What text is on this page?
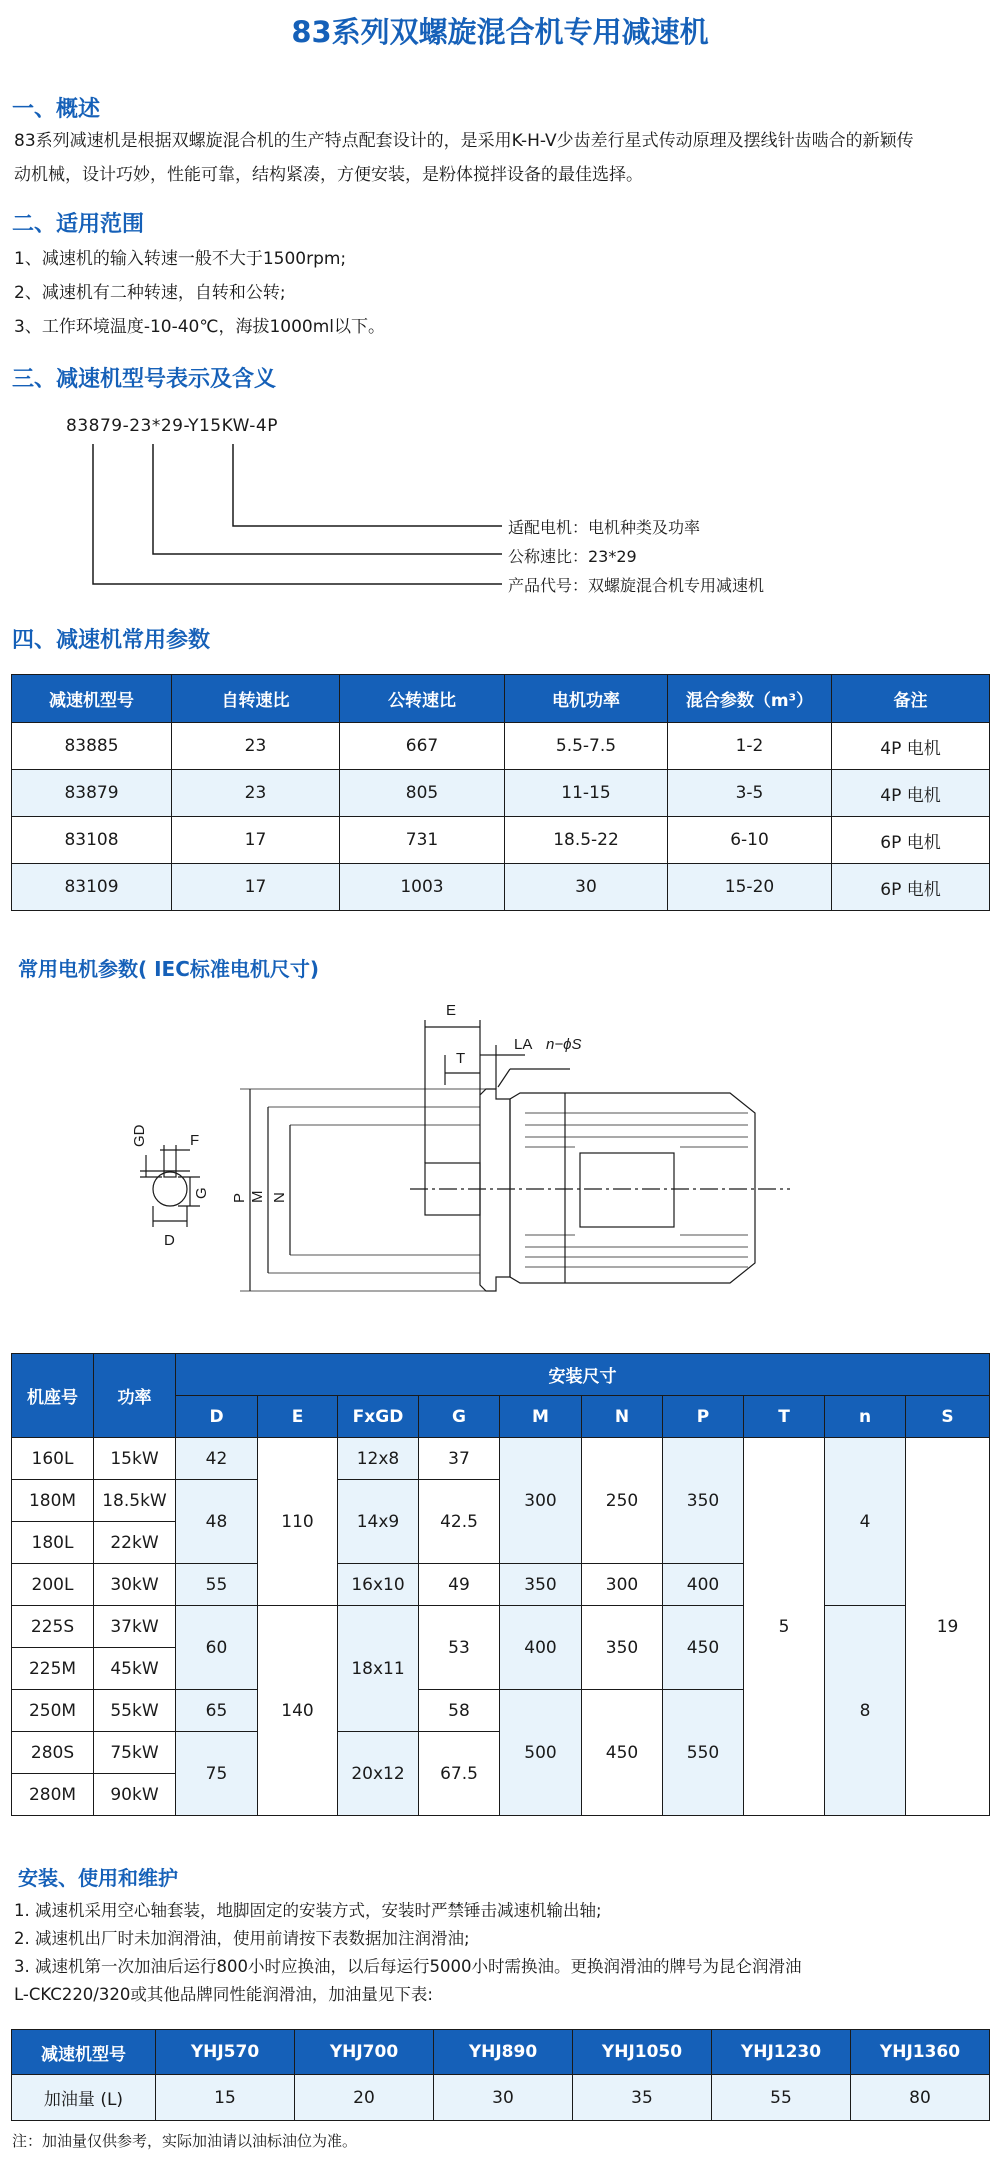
83系列双螺旋混合机专用减速机
一、概述
83系列减速机是根据双螺旋混合机的生产特点配套设计的，是采用K-H-V少齿差行星式传动原理及摆线针齿啮合的新颖传
动机械，设计巧妙，性能可靠，结构紧凑，方便安装，是粉体搅拌设备的最佳选择。
二、适用范围
1、减速机的输入转速一般不大于1500rpm;
2、减速机有二种转速，自转和公转;
3、工作环境温度-10-40℃，海拔1000ml以下。
三、减速机型号表示及含义
83879-23*29-Y15KW-4P
适配电机：电机种类及功率
公称速比：23*29
产品代号：双螺旋混合机专用减速机
四、减速机常用参数
减速机型号	自转速比	公转速比	电机功率	混合参数（m³）	备注
83885	23	667	5.5-7.5	1-2	4P 电机
83879	23	805	11-15	3-5	4P 电机
83108	17	731	18.5-22	6-10	6P 电机
83109	17	1003	30	15-20	6P 电机
常用电机参数( IEC标准电机尺寸)
E
T
LA n−ϕS
GD	F
G
D
P M N
机座号	功率	安装尺寸									
		D	E	FxGD	G	M	N	P	T	n	S
160L	15kW	42	110	12x8	37	300	250	350	5	4	19
180M	18.5kW	48		14x9	42.5						
180L	22kW										
200L	30kW	55		16x10	49	350	300	400			
225S	37kW	60	140	18x11	53	400	350	450		8	
225M	45kW										
250M	55kW	65			58	500	450	550			
280S	75kW	75		20x12	67.5						
280M	90kW										
安装、使用和维护
1. 减速机采用空心轴套装，地脚固定的安装方式，安装时严禁锤击减速机输出轴;
2. 减速机出厂时未加润滑油，使用前请按下表数据加注润滑油;
3. 减速机第一次加油后运行800小时应换油，以后每运行5000小时需换油。更换润滑油的牌号为昆仑润滑油
L-CKC220/320或其他品牌同性能润滑油，加油量见下表:
减速机型号	YHJ570	YHJ700	YHJ890	YHJ1050	YHJ1230	YHJ1360
加油量 (L)	15	20	30	35	55	80
注：加油量仅供参考，实际加油请以油标油位为准。
